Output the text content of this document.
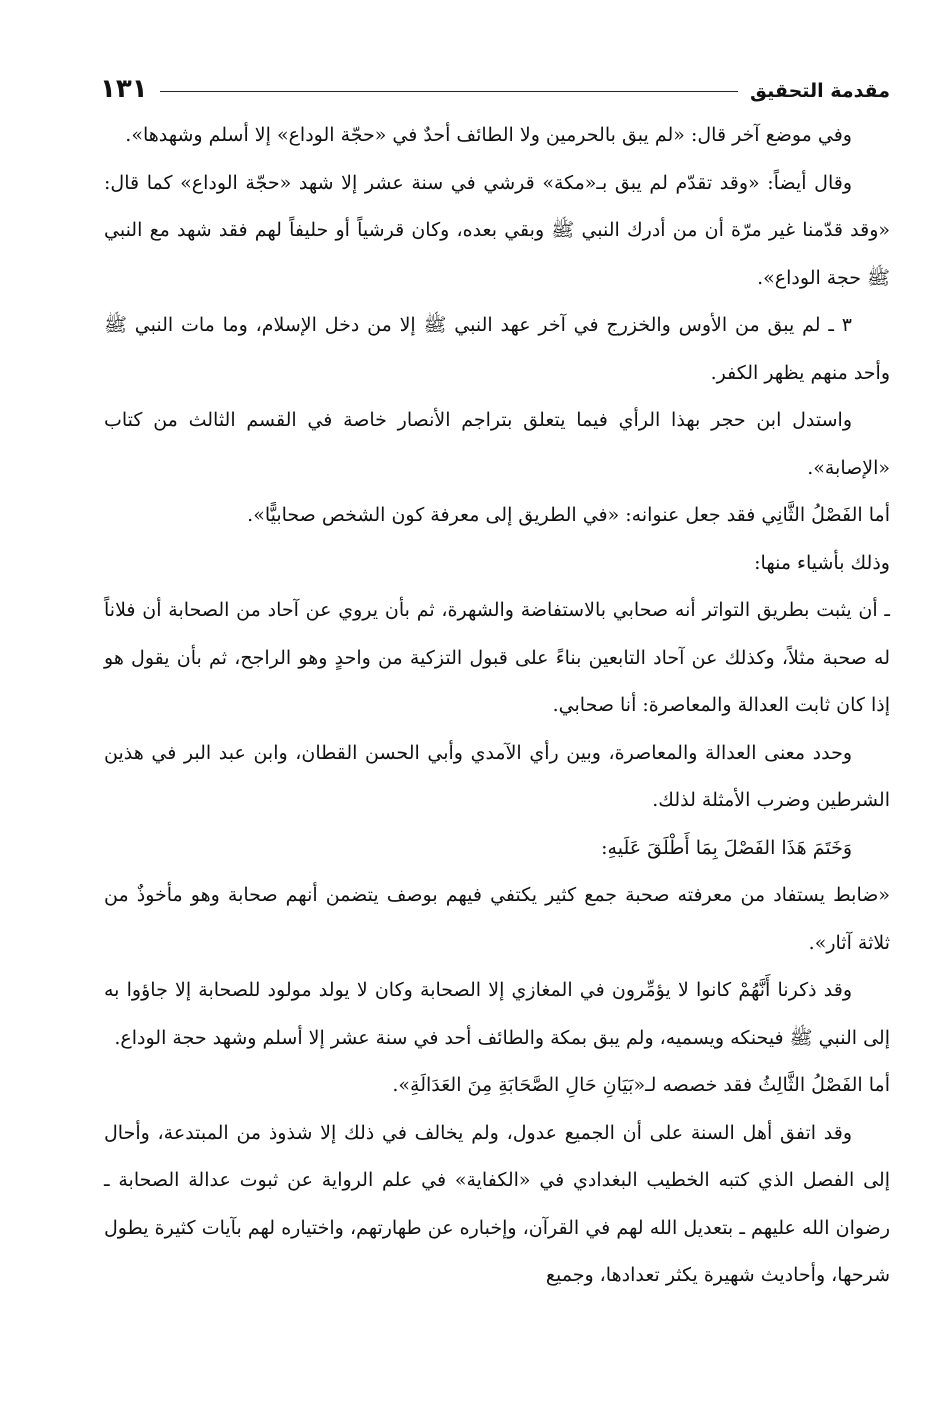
مقدمة التحقيق
١٣١

وفي موضع آخر قال: «لم يبق بالحرمين ولا الطائف أحدٌ في «حجّة الوداع» إلا أسلم وشهدها».

وقال أيضاً: «وقد تقدّم لم يبق بـ«مكة» قرشي في سنة عشر إلا شهد «حجّة الوداع» كما قال: «وقد قدّمنا غير مرّة أن من أدرك النبي ﷺ وبقي بعده، وكان قرشياً أو حليفاً لهم فقد شهد مع النبي ﷺ حجة الوداع».

٣ ـ لم يبق من الأوس والخزرج في آخر عهد النبي ﷺ إلا من دخل الإسلام، وما مات النبي ﷺ وأحد منهم يظهر الكفر.

واستدل ابن حجر بهذا الرأي فيما يتعلق بتراجم الأنصار خاصة في القسم الثالث من كتاب «الإصابة».

أما الفَصْلُ الثَّانِي فقد جعل عنوانه: «في الطريق إلى معرفة كون الشخص صحابيًّا».

وذلك بأشياء منها:

ـ أن يثبت بطريق التواتر أنه صحابي بالاستفاضة والشهرة، ثم بأن يروي عن آحاد من الصحابة أن فلاناً له صحبة مثلاً، وكذلك عن آحاد التابعين بناءً على قبول التزكية من واحدٍ وهو الراجح، ثم بأن يقول هو إذا كان ثابت العدالة والمعاصرة: أنا صحابي.

وحدد معنى العدالة والمعاصرة، وبين رأي الآمدي وأبي الحسن القطان، وابن عبد البر في هذين الشرطين وضرب الأمثلة لذلك.

وَخَتَمَ هَذَا الفَصْلَ بِمَا أَطْلَقَ عَلَيهِ:

«ضابط يستفاد من معرفته صحبة جمع كثير يكتفي فيهم بوصف يتضمن أنهم صحابة وهو مأخوذٌ من ثلاثة آثار».

وقد ذكرنا أَنَّهُمْ كانوا لا يؤمِّرون في المغازي إلا الصحابة وكان لا يولد مولود للصحابة إلا جاؤوا به إلى النبي ﷺ فيحنكه ويسميه، ولم يبق بمكة والطائف أحد في سنة عشر إلا أسلم وشهد حجة الوداع.

أما الفَصْلُ الثَّالِثُ فقد خصصه لـ«بَيَانِ حَالِ الصَّحَابَةِ مِنَ العَدَالَةِ».

وقد اتفق أهل السنة على أن الجميع عدول، ولم يخالف في ذلك إلا شذوذ من المبتدعة، وأحال إلى الفصل الذي كتبه الخطيب البغدادي في «الكفاية» في علم الرواية عن ثبوت عدالة الصحابة ـ رضوان الله عليهم ـ بتعديل الله لهم في القرآن، وإخباره عن طهارتهم، واختياره لهم بآيات كثيرة يطول شرحها، وأحاديث شهيرة يكثر تعدادها، وجميع
